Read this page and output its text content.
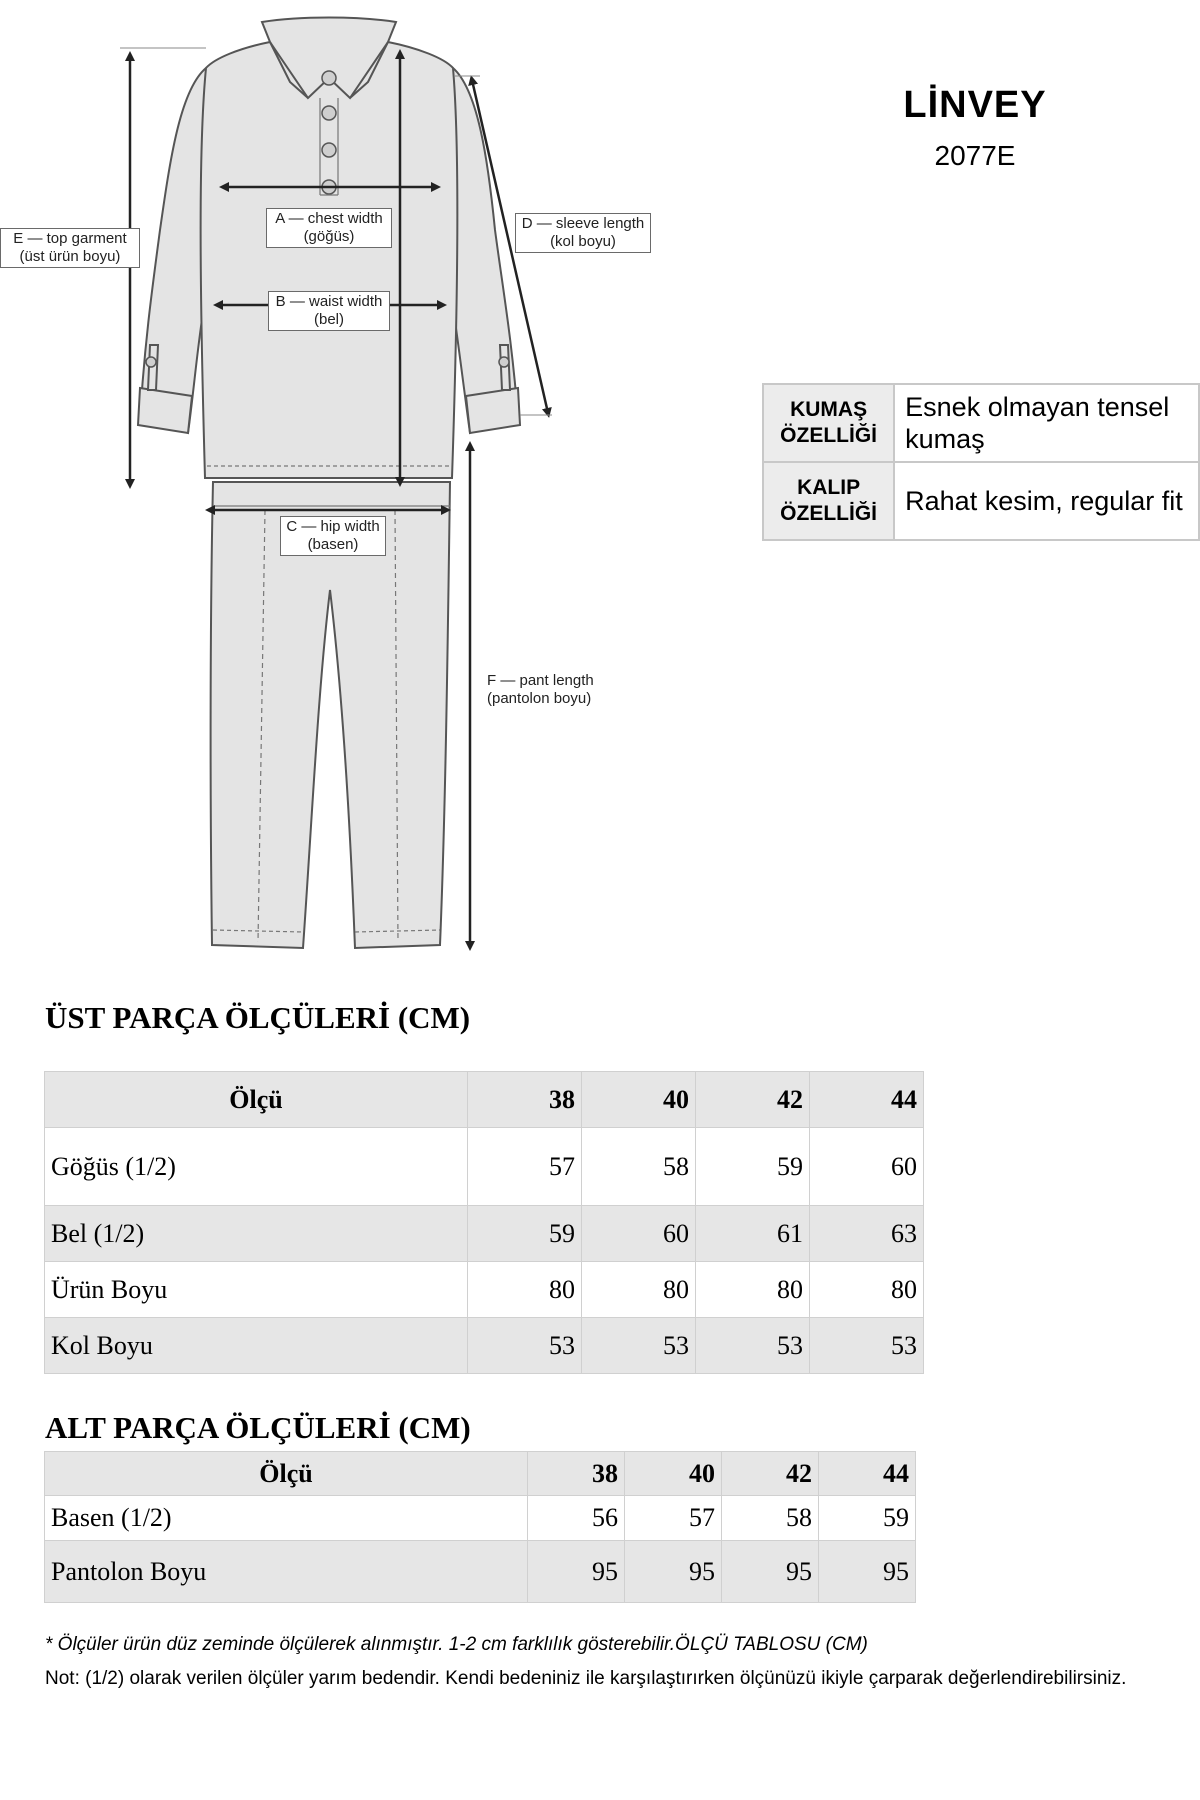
A — chest width
(göğüs)
B — waist width
(bel)
C — hip width
(basen)
D — sleeve length
(kol boyu)
E — top garment
(üst ürün boyu)
F — pant length
(pantolon boyu)
LİNVEY
2077E
KUMAŞ
ÖZELLİĞİ	Esnek olmayan tensel kumaş

KALIP
ÖZELLİĞİ	Rahat kesim, regular fit
ÜST PARÇA ÖLÇÜLERİ (CM)
Ölçü	38	40	42	44
Göğüs (1/2)	57	58	59	60
Bel (1/2)	59	60	61	63
Ürün Boyu	80	80	80	80
Kol Boyu	53	53	53	53
ALT PARÇA ÖLÇÜLERİ (CM)
Ölçü	38	40	42	44
Basen (1/2)	56	57	58	59
Pantolon Boyu	95	95	95	95
* Ölçüler ürün düz zeminde ölçülerek alınmıştır. 1-2 cm farklılık gösterebilir.ÖLÇÜ TABLOSU (CM)
Not: (1/2) olarak verilen ölçüler yarım bedendir. Kendi bedeniniz ile karşılaştırırken ölçünüzü ikiyle çarparak değerlendirebilirsiniz.
